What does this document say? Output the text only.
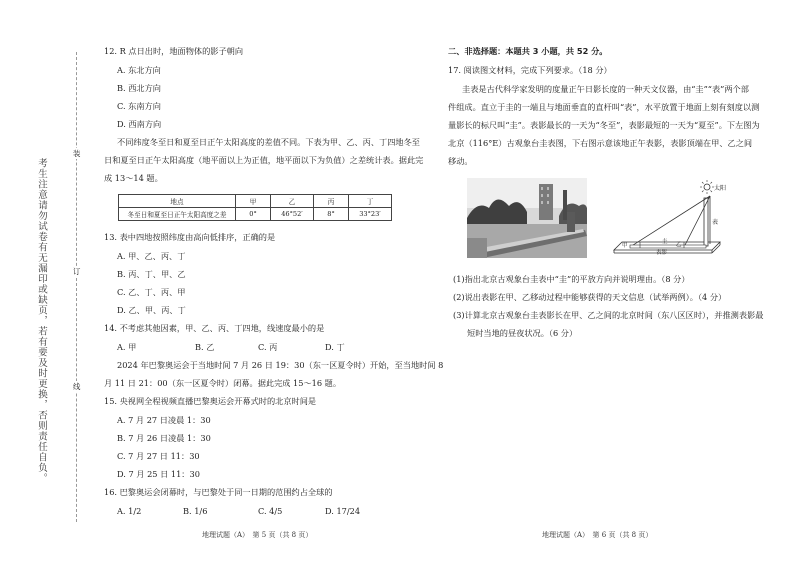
考生注意请勿试卷有无漏印或缺页，若有要及时更换，否则责任自负。
装
订
线
12. R 点日出时，地面物体的影子朝向
A. 东北方向
B. 西北方向
C. 东南方向
D. 西南方向
不同纬度冬至日和夏至日正午太阳高度的差值不同。下表为甲、乙、丙、丁四地冬至
日和夏至日正午太阳高度（地平面以上为正值，地平面以下为负值）之差统计表。据此完
成 13～14 题。
地点	甲	乙	丙	丁
冬至日和夏至日正午太阳高度之差	0°	46°52′	8°	33°23′
13. 表中四地按照纬度由高向低排序，正确的是
A. 甲、乙、丙、丁
B. 丙、丁、甲、乙
C. 乙、丁、丙、甲
D. 乙、甲、丙、丁
14. 不考虑其他因素，甲、乙、丙、丁四地，线速度最小的是
A. 甲	B. 乙	C. 丙	D. 丁
2024 年巴黎奥运会于当地时间 7 月 26 日 19：30（东一区夏令时）开始，至当地时间 8
月 11 日 21：00（东一区夏令时）闭幕。据此完成 15～16 题。
15. 央视网全程视频直播巴黎奥运会开幕式时的北京时间是
A. 7 月 27 日凌晨 1：30
B. 7 月 26 日凌晨 1：30
C. 7 月 27 日 11：30
D. 7 月 25 日 11：30
16. 巴黎奥运会闭幕时，与巴黎处于同一日期的范围约占全球的
A. 1/2	B. 1/6	C. 4/5	D. 17/24
地理试题（A）　第 5 页（共 8 页）
二、非选择题：本题共 3 小题，共 52 分。
17. 阅读图文材料，完成下列要求。（18 分）
圭表是古代科学家发明的度量正午日影长度的一种天文仪器，由“圭”“表”两个部
件组成。直立于圭的一端且与地面垂直的直杆叫“表”，水平放置于地面上刻有刻度以测
量影长的标尺叫“圭”。表影最长的一天为“冬至”，表影最短的一天为“夏至”。下左图为
北京（116°E）古观象台圭表图，下右图示意该地正午表影，表影顶端在甲、乙之间
移动。
太阳
表
圭
表影
甲	乙
(1)指出北京古观象台圭表中“圭”的平放方向并说明理由。（8 分）
(2)说出表影在甲、乙移动过程中能够获得的天文信息（试举两例）。（4 分）
(3)计算北京古观象台圭表影长在甲、乙之间的北京时间（东八区区时），并推测表影最
短时当地的昼夜状况。（6 分）
地理试题（A）　第 6 页（共 8 页）
